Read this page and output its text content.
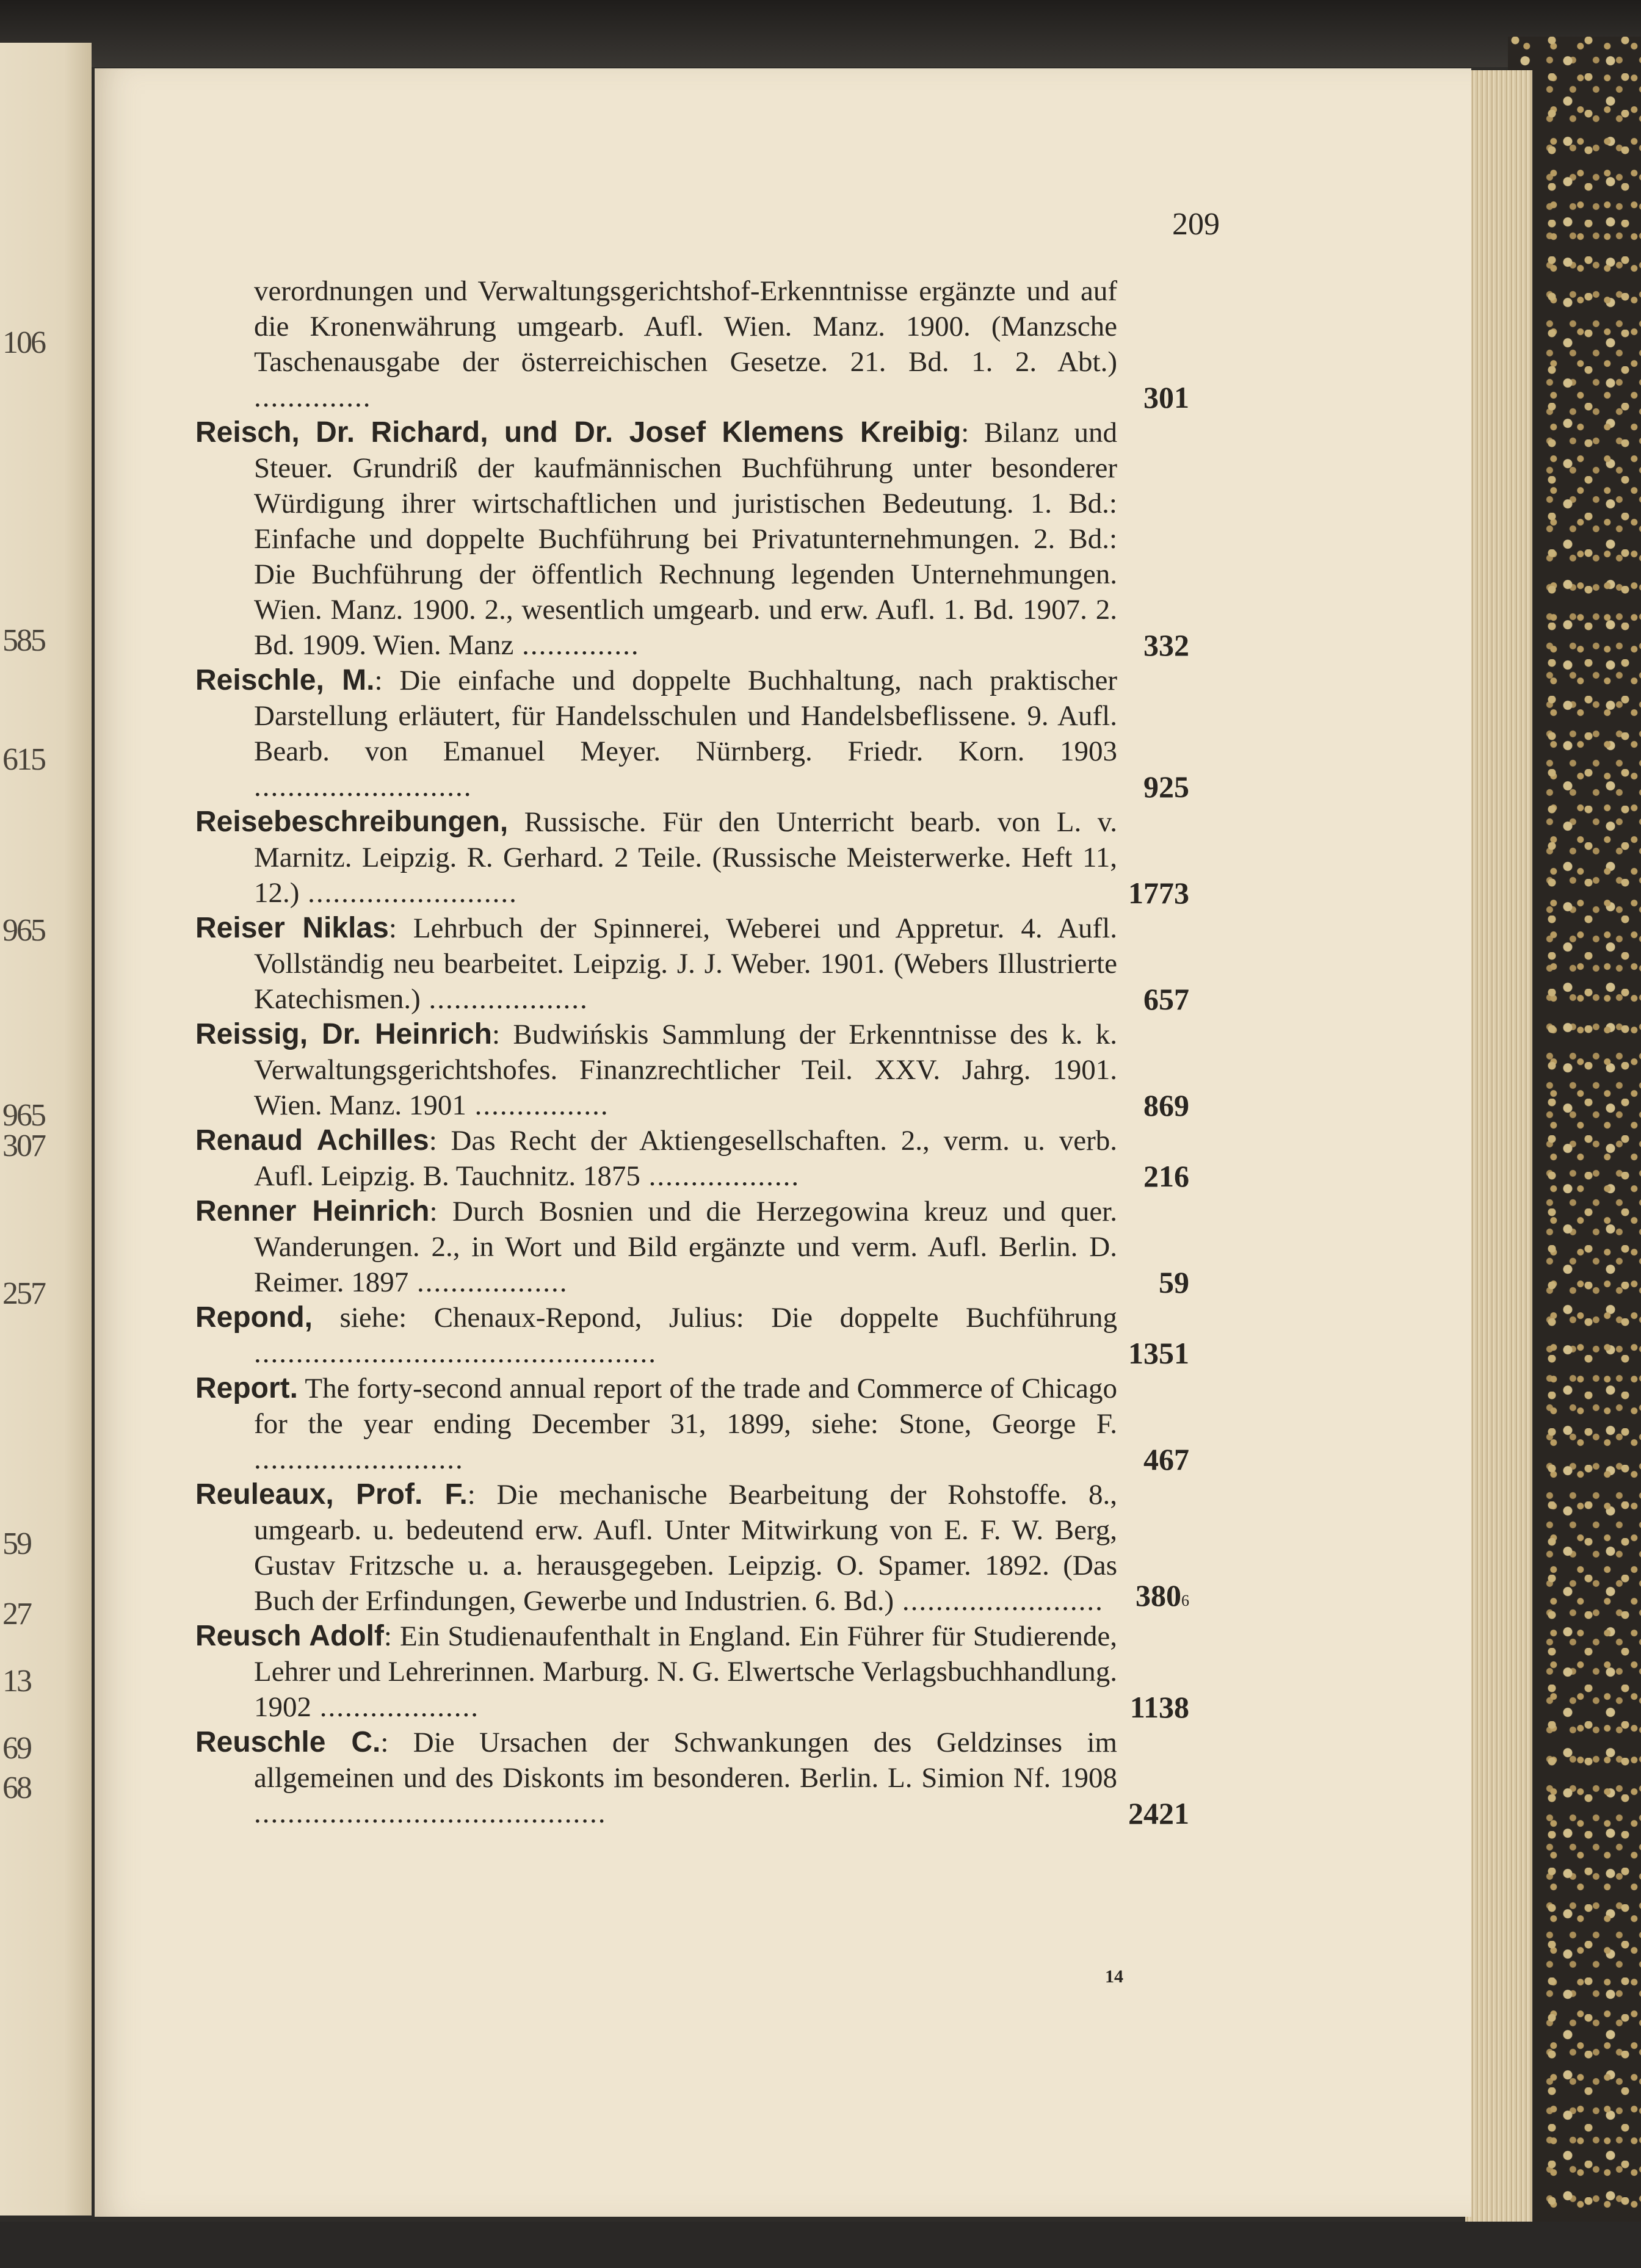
106
585
615
965
965
307
257
59
27
13
69
68
209
verordnungen und Verwaltungsgerichtshof-Erkenntnisse ergänzte und auf die Kronenwährung umgearb. Aufl. Wien. Manz. 1900. (Manzsche Taschenausgabe der österreichischen Gesetze. 21. Bd. 1. 2. Abt.) ..............	301
Reisch, Dr. Richard, und Dr. Josef Klemens Kreibig: Bilanz und Steuer. Grundriß der kaufmännischen Buchführung unter besonderer Würdigung ihrer wirtschaftlichen und juristischen Bedeutung. 1. Bd.: Einfache und doppelte Buchführung bei Privatunternehmungen. 2. Bd.: Die Buchführung der öffentlich Rechnung legenden Unternehmungen. Wien. Manz. 1900. 2., wesentlich umgearb. und erw. Aufl. 1. Bd. 1907. 2. Bd. 1909. Wien. Manz ..............	332
Reischle, M.: Die einfache und doppelte Buchhaltung, nach praktischer Darstellung erläutert, für Handelsschulen und Handelsbeflissene. 9. Aufl. Bearb. von Emanuel Meyer. Nürnberg. Friedr. Korn. 1903 ..........................	925
Reisebeschreibungen, Russische. Für den Unterricht bearb. von L. v. Marnitz. Leipzig. R. Gerhard. 2 Teile. (Russische Meisterwerke. Heft 11, 12.) .........................	1773
Reiser Niklas: Lehrbuch der Spinnerei, Weberei und Appretur. 4. Aufl. Vollständig neu bearbeitet. Leipzig. J. J. Weber. 1901. (Webers Illustrierte Katechismen.) ...................	657
Reissig, Dr. Heinrich: Budwińskis Sammlung der Erkenntnisse des k. k. Verwaltungsgerichtshofes. Finanzrechtlicher Teil. XXV. Jahrg. 1901. Wien. Manz. 1901 ................	869
Renaud Achilles: Das Recht der Aktiengesellschaften. 2., verm. u. verb. Aufl. Leipzig. B. Tauchnitz. 1875 ..................	216
Renner Heinrich: Durch Bosnien und die Herzegowina kreuz und quer. Wanderungen. 2., in Wort und Bild ergänzte und verm. Aufl. Berlin. D. Reimer. 1897 ..................	59
Repond, siehe: Chenaux-Repond, Julius: Die doppelte Buchführung ................................................	1351
Report. The forty-second annual report of the trade and Commerce of Chicago for the year ending December 31, 1899, siehe: Stone, George F. .........................	467
Reuleaux, Prof. F.: Die mechanische Bearbeitung der Rohstoffe. 8., umgearb. u. bedeutend erw. Aufl. Unter Mitwirkung von E. F. W. Berg, Gustav Fritzsche u. a. herausgegeben. Leipzig. O. Spamer. 1892. (Das Buch der Erfindungen, Gewerbe und Industrien. 6. Bd.) ........................ 3806
Reusch Adolf: Ein Studienaufenthalt in England. Ein Führer für Studierende, Lehrer und Lehrerinnen. Marburg. N. G. Elwertsche Verlagsbuchhandlung. 1902 ...................	1138
Reuschle C.: Die Ursachen der Schwankungen des Geldzinses im allgemeinen und des Diskonts im besonderen. Berlin. L. Simion Nf. 1908 ..........................................	2421
14
